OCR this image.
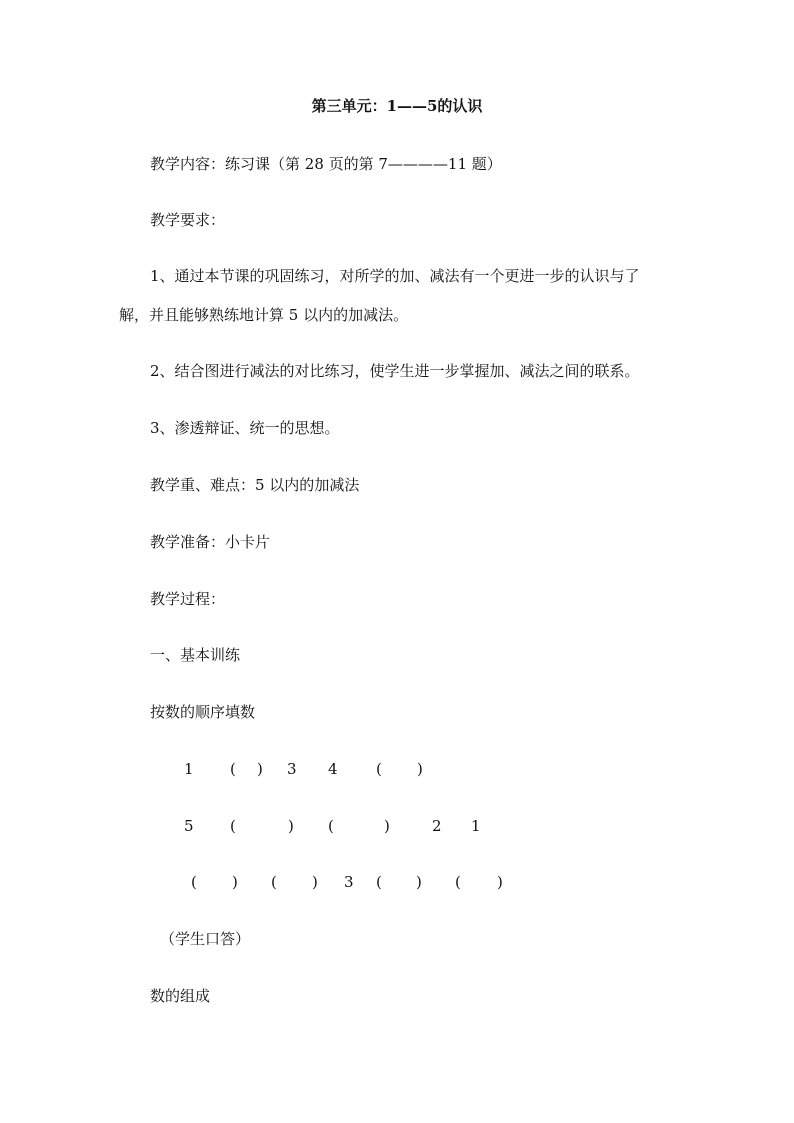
第三单元：1——5的认识
教学内容：练习课（第 28 页的第 7————11 题）
教学要求：
1、通过本节课的巩固练习，对所学的加、减法有一个更进一步的认识与了
解，并且能够熟练地计算 5 以内的加减法。
2、结合图进行减法的对比练习，使学生进一步掌握加、减法之间的联系。
3、渗透辩证、统一的思想。
教学重、难点：5 以内的加减法
教学准备：小卡片
教学过程：
一、基本训练
按数的顺序填数
1 ( ) 3 4	( )
5 (	) (	)	2 1
( ) ( ) 3 ( ) ( )
（学生口答）
数的组成
